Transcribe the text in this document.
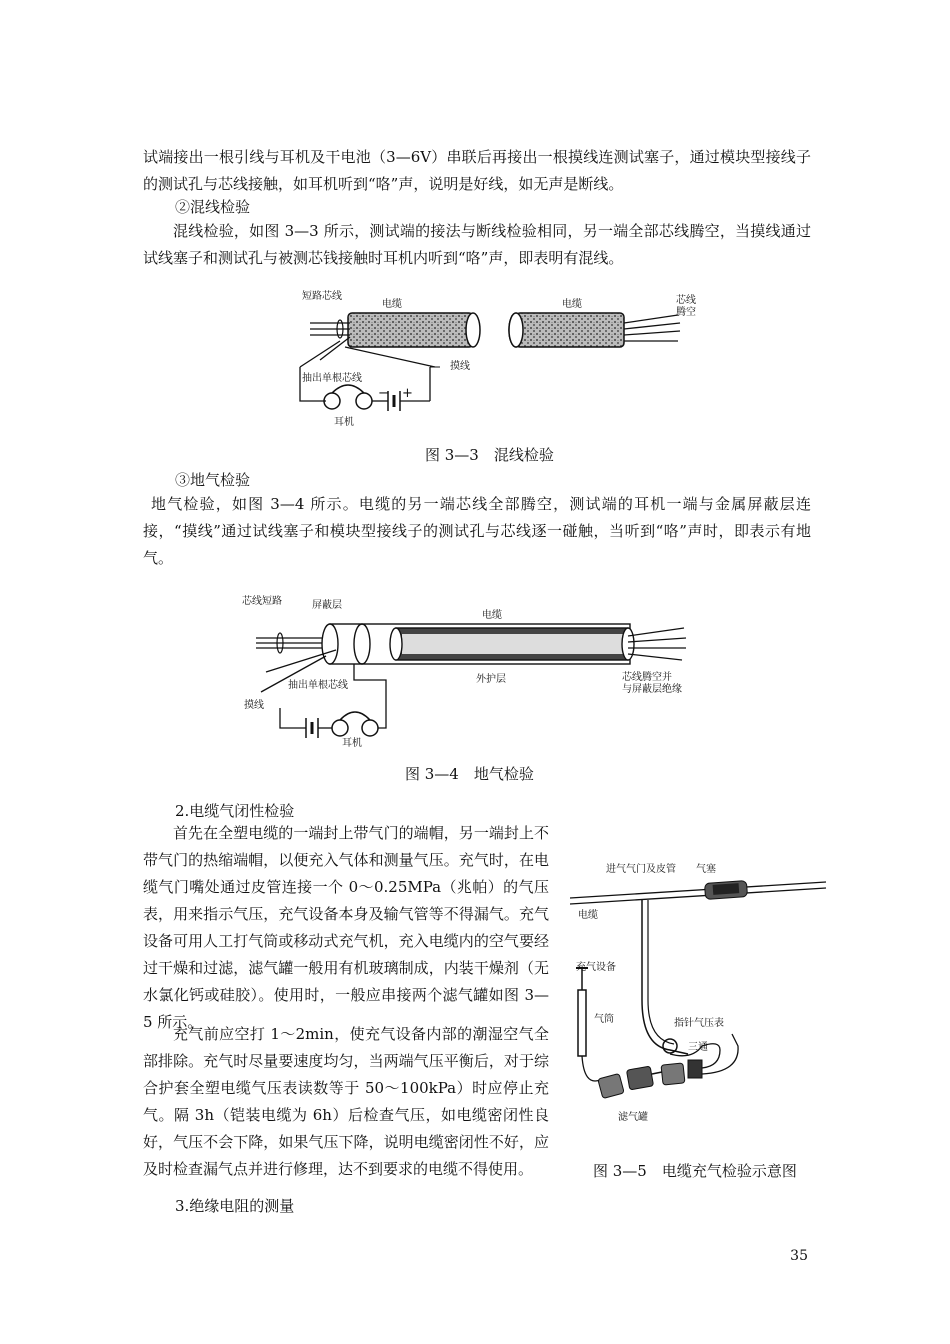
试端接出一根引线与耳机及干电池（3—6V）串联后再接出一根摸线连测试塞子，通过模块型接线子的测试孔与芯线接触，如耳机听到“咯”声，说明是好线，如无声是断线。

②混线检验

混线检验，如图 3—3 所示，测试端的接法与断线检验相同，另一端全部芯线腾空，当摸线通过试线塞子和测试孔与被测芯钱接触时耳机内听到“咯”声，即表明有混线。

− +
短路芯线
电缆	电缆	芯线
腾空
抽出单根芯线
摸线
耳机
图 3—3　混线检验
③地气检验

地气检验，如图 3—4 所示。电缆的另一端芯线全部腾空，测试端的耳机一端与金属屏蔽层连接，“摸线”通过试线塞子和模块型接线子的测试孔与芯线逐一碰触，当听到“咯”声时，即表示有地气。

芯线短路	屏蔽层
电缆
抽出单根芯线
外护层	芯线腾空并
与屏蔽层绝缘
摸线
耳机
图 3—4　地气检验
2.电缆气闭性检验

首先在全塑电缆的一端封上带气门的端帽，另一端封上不带气门的热缩端帽，以便充入气体和测量气压。充气时，在电缆气门嘴处通过皮管连接一个 0～0.25MPa（兆帕）的气压表，用来指示气压，充气设备本身及输气管等不得漏气。充气设备可用人工打气筒或移动式充气机，充入电缆内的空气要经过干燥和过滤，滤气罐一般用有机玻璃制成，内装干燥剂（无水氯化钙或硅胶）。使用时，一般应串接两个滤气罐如图 3—5 所示。

充气前应空打 1～2min，使充气设备内部的潮湿空气全部排除。充气时尽量要速度均匀，当两端气压平衡后，对于综合护套全塑电缆气压表读数等于 50～100kPa）时应停止充气。隔 3h（铠装电缆为 6h）后检查气压，如电缆密闭性良好，气压不会下降，如果气压下降，说明电缆密闭性不好，应及时检查漏气点并进行修理，达不到要求的电缆不得使用。

3.绝缘电阻的测量
进气气门及皮管 气塞
电缆
充气设备
气筒	指针气压表
三通
滤气罐
图 3—5　电缆充气检验示意图
35
